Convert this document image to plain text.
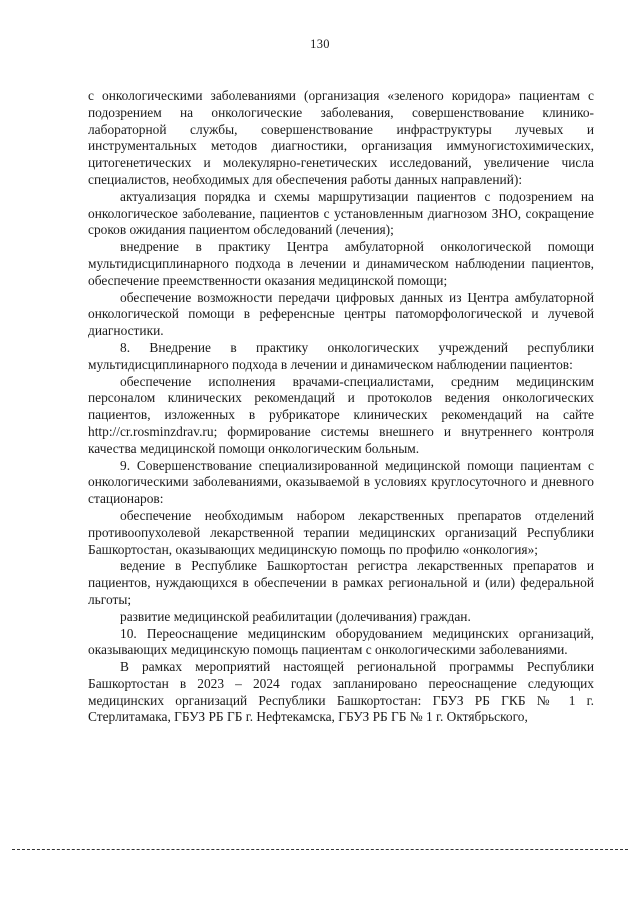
130

с онкологическими заболеваниями (организация «зеленого коридора» пациентам с подозрением на онкологические заболевания, совершенствование клинико-лабораторной службы, совершенствование инфраструктуры лучевых и инструментальных методов диагностики, организация иммуногистохимических, цитогенетических и молекулярно-генетических исследований, увеличение числа специалистов, необходимых для обеспечения работы данных направлений):

актуализация порядка и схемы маршрутизации пациентов с подозрением на онкологическое заболевание, пациентов с установленным диагнозом ЗНО, сокращение сроков ожидания пациентом обследований (лечения);

внедрение в практику Центра амбулаторной онкологической помощи мультидисциплинарного подхода в лечении и динамическом наблюдении пациентов, обеспечение преемственности оказания медицинской помощи;

обеспечение возможности передачи цифровых данных из Центра амбулаторной онкологической помощи в референсные центры патоморфологической и лучевой диагностики.

8. Внедрение в практику онкологических учреждений республики мультидисциплинарного подхода в лечении и динамическом наблюдении пациентов:

обеспечение исполнения врачами-специалистами, средним медицинским персоналом клинических рекомендаций и протоколов ведения онкологических пациентов, изложенных в рубрикаторе клинических рекомендаций на сайте http://cr.rosminzdrav.ru; формирование системы внешнего и внутреннего контроля качества медицинской помощи онкологическим больным.

9. Совершенствование специализированной медицинской помощи пациентам с онкологическими заболеваниями, оказываемой в условиях круглосуточного и дневного стационаров:

обеспечение необходимым набором лекарственных препаратов отделений противоопухолевой лекарственной терапии медицинских организаций Республики Башкортостан, оказывающих медицинскую помощь по профилю «онкология»;

ведение в Республике Башкортостан регистра лекарственных препаратов и пациентов, нуждающихся в обеспечении в рамках региональной и (или) федеральной льготы;

развитие медицинской реабилитации (долечивания) граждан.

10. Переоснащение медицинским оборудованием медицинских организаций, оказывающих медицинскую помощь пациентам с онкологическими заболеваниями.

В рамках мероприятий настоящей региональной программы Республики Башкортостан в 2023 – 2024 годах запланировано переоснащение следующих медицинских организаций Республики Башкортостан: ГБУЗ РБ ГКБ № 1 г. Стерлитамака, ГБУЗ РБ ГБ г. Нефтекамска, ГБУЗ РБ ГБ № 1 г. Октябрьского,
